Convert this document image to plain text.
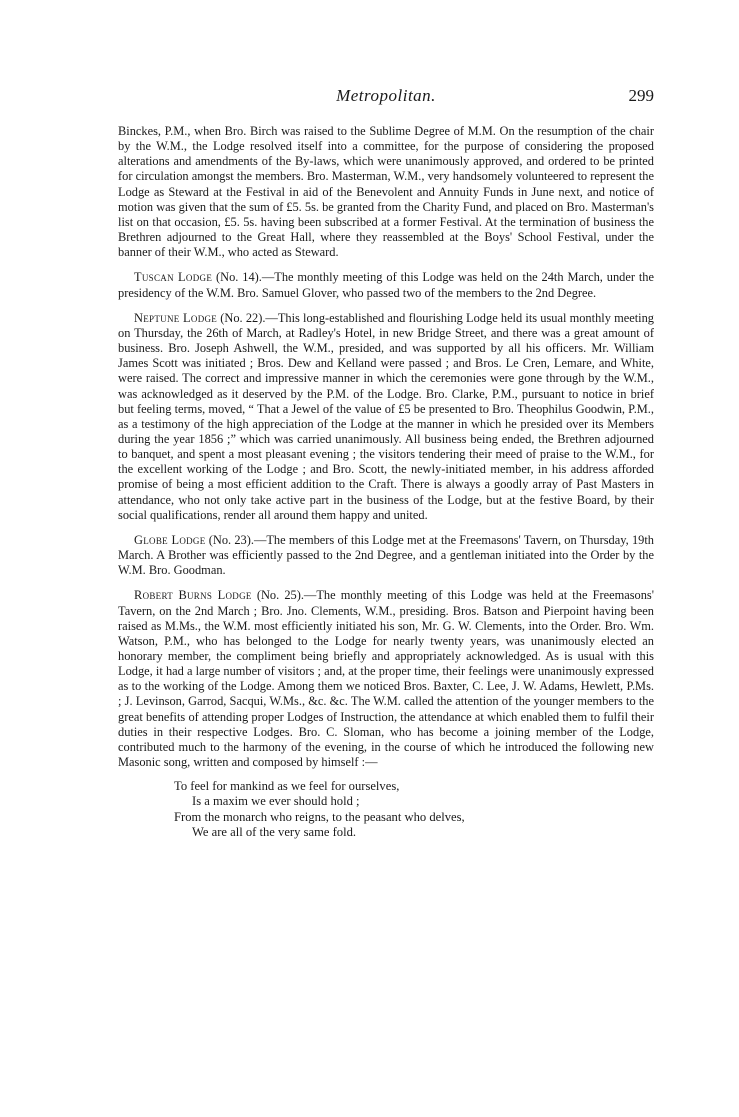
Metropolitan.	299

Binckes, P.M., when Bro. Birch was raised to the Sublime Degree of M.M. On the resumption of the chair by the W.M., the Lodge resolved itself into a committee, for the purpose of considering the proposed alterations and amendments of the By-laws, which were unanimously approved, and ordered to be printed for circulation amongst the members. Bro. Masterman, W.M., very handsomely volunteered to represent the Lodge as Steward at the Festival in aid of the Benevolent and Annuity Funds in June next, and notice of motion was given that the sum of £5. 5s. be granted from the Charity Fund, and placed on Bro. Masterman's list on that occasion, £5. 5s. having been subscribed at a former Festival. At the termination of business the Brethren adjourned to the Great Hall, where they reassembled at the Boys' School Festival, under the banner of their W.M., who acted as Steward.

Tuscan Lodge (No. 14).—The monthly meeting of this Lodge was held on the 24th March, under the presidency of the W.M. Bro. Samuel Glover, who passed two of the members to the 2nd Degree.

Neptune Lodge (No. 22).—This long-established and flourishing Lodge held its usual monthly meeting on Thursday, the 26th of March, at Radley's Hotel, in new Bridge Street, and there was a great amount of business. Bro. Joseph Ashwell, the W.M., presided, and was supported by all his officers. Mr. William James Scott was initiated ; Bros. Dew and Kelland were passed ; and Bros. Le Cren, Lemare, and White, were raised. The correct and impressive manner in which the ceremonies were gone through by the W.M., was acknowledged as it deserved by the P.M. of the Lodge. Bro. Clarke, P.M., pursuant to notice in brief but feeling terms, moved, “ That a Jewel of the value of £5 be presented to Bro. Theophilus Goodwin, P.M., as a testimony of the high appreciation of the Lodge at the manner in which he presided over its Members during the year 1856 ;” which was carried unanimously. All business being ended, the Brethren adjourned to banquet, and spent a most pleasant evening ; the visitors tendering their meed of praise to the W.M., for the excellent working of the Lodge ; and Bro. Scott, the newly-initiated member, in his address afforded promise of being a most efficient addition to the Craft. There is always a goodly array of Past Masters in attendance, who not only take active part in the business of the Lodge, but at the festive Board, by their social qualifications, render all around them happy and united.

Globe Lodge (No. 23).—The members of this Lodge met at the Freemasons' Tavern, on Thursday, 19th March. A Brother was efficiently passed to the 2nd Degree, and a gentleman initiated into the Order by the W.M. Bro. Goodman.

Robert Burns Lodge (No. 25).—The monthly meeting of this Lodge was held at the Freemasons' Tavern, on the 2nd March ; Bro. Jno. Clements, W.M., presiding. Bros. Batson and Pierpoint having been raised as M.Ms., the W.M. most efficiently initiated his son, Mr. G. W. Clements, into the Order. Bro. Wm. Watson, P.M., who has belonged to the Lodge for nearly twenty years, was unanimously elected an honorary member, the compliment being briefly and appropriately acknowledged. As is usual with this Lodge, it had a large number of visitors ; and, at the proper time, their feelings were unanimously expressed as to the working of the Lodge. Among them we noticed Bros. Baxter, C. Lee, J. W. Adams, Hewlett, P.Ms. ; J. Levinson, Garrod, Sacqui, W.Ms., &c. &c. The W.M. called the attention of the younger members to the great benefits of attending proper Lodges of Instruction, the attendance at which enabled them to fulfil their duties in their respective Lodges. Bro. C. Sloman, who has become a joining member of the Lodge, contributed much to the harmony of the evening, in the course of which he introduced the following new Masonic song, written and composed by himself :—

To feel for mankind as we feel for ourselves,
Is a maxim we ever should hold ;
From the monarch who reigns, to the peasant who delves,
We are all of the very same fold.
